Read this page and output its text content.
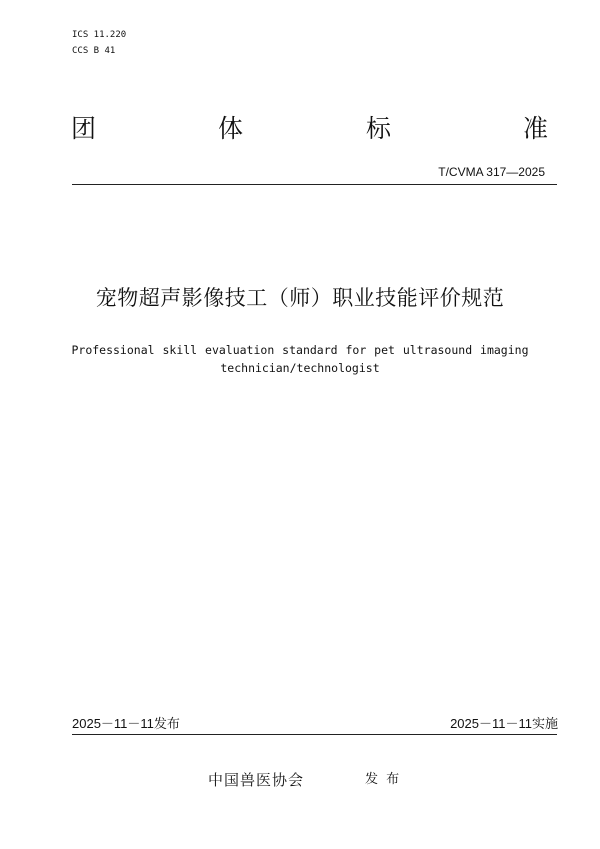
ICS 11.220
CCS B 41
团	体	标	准
T/CVMA 317—2025
宠物超声影像技工（师）职业技能评价规范
Professional skill evaluation standard for pet ultrasound imaging
technician/technologist
2025－11－11发布	2025－11－11实施
中国兽医协会	发 布
